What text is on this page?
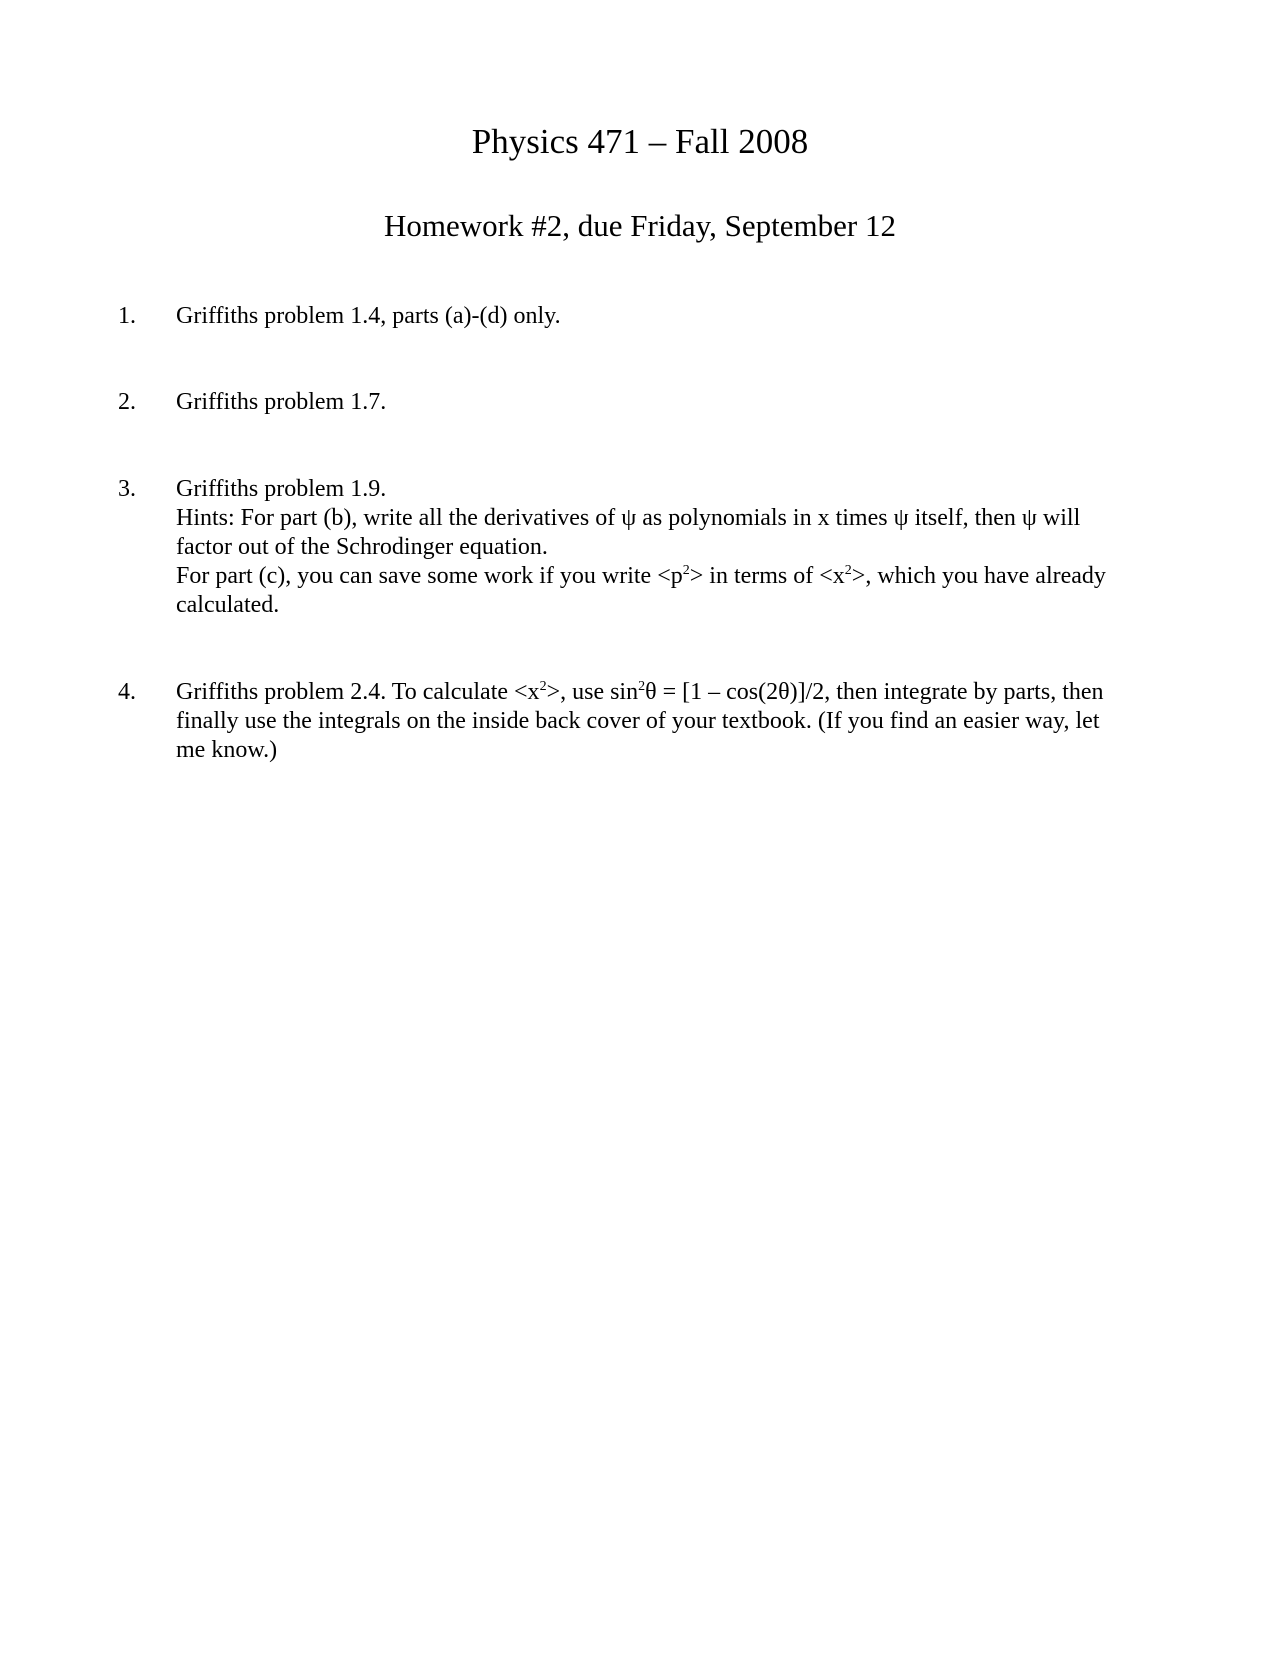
Physics 471 – Fall 2008
Homework #2, due Friday, September 12
1.	Griffiths problem 1.4, parts (a)-(d) only.
2.	Griffiths problem 1.7.
3.	Griffiths problem 1.9.
Hints: For part (b), write all the derivatives of ψ as polynomials in x times ψ itself, then ψ will
factor out of the Schrodinger equation.
For part (c), you can save some work if you write $<p^2>$ in terms of $<x^2>$, which you have already
calculated.
4.	Griffiths problem 2.4. To calculate $<x^2>$, use $\sin^2\theta = [1 - \cos(2\theta)]/2$, then integrate by parts, then
finally use the integrals on the inside back cover of your textbook. (If you find an easier way, let
me know.)
